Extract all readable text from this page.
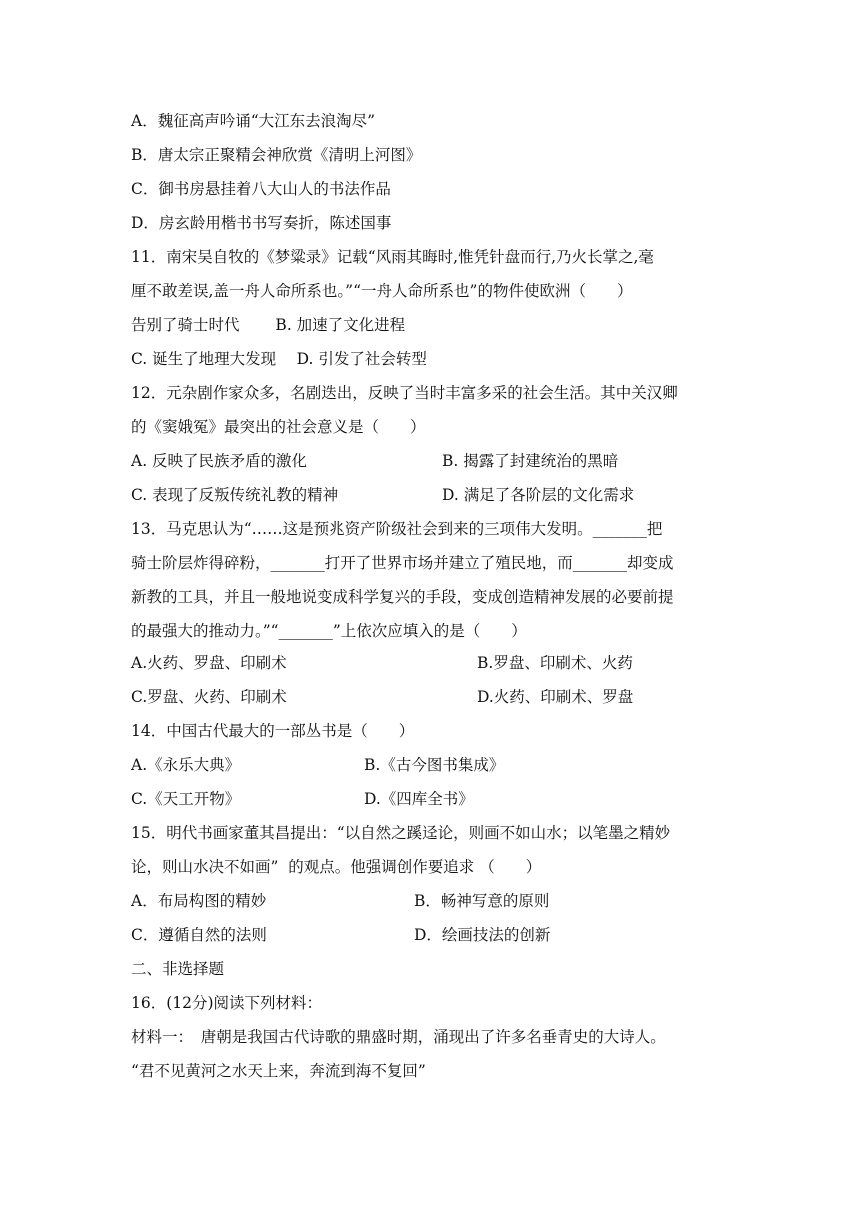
A．魏征高声吟诵“大江东去浪淘尽”
B．唐太宗正聚精会神欣赏《清明上河图》
C．御书房悬挂着八大山人的书法作品
D．房玄龄用楷书书写奏折，陈述国事
11．南宋吴自牧的《梦粱录》记载“风雨其晦时,惟凭针盘而行,乃火长掌之,毫
厘不敢差误,盖一舟人命所系也。”“一舟人命所系也”的物件使欧洲（　　）
告别了骑士时代　　 B. 加速了文化进程
C. 诞生了地理大发现　 D. 引发了社会转型
12．元杂剧作家众多，名剧迭出，反映了当时丰富多采的社会生活。其中关汉卿
的《窦娥冤》最突出的社会意义是（　　）
A. 反映了民族矛盾的激化	B. 揭露了封建统治的黑暗
C. 表现了反叛传统礼教的精神	D. 满足了各阶层的文化需求
13．马克思认为“……这是预兆资产阶级社会到来的三项伟大发明。_______把
骑士阶层炸得碎粉，_______打开了世界市场并建立了殖民地，而_______却变成
新教的工具，并且一般地说变成科学复兴的手段，变成创造精神发展的必要前提
的最强大的推动力。”“_______”上依次应填入的是（　　）
A.火药、罗盘、印刷术	B.罗盘、印刷术、火药
C.罗盘、火药、印刷术	D.火药、印刷术、罗盘
14．中国古代最大的一部丛书是（　　）
A.《永乐大典》	B.《古今图书集成》
C.《天工开物》	D.《四库全书》
15．明代书画家董其昌提出：“以自然之蹊迳论，则画不如山水；以笔墨之精妙
论，则山水决不如画”  的观点。他强调创作要追求 （　　）
A．布局构图的精妙	B．畅神写意的原则
C．遵循自然的法则	D．绘画技法的创新
二、非选择题
16．(12分)阅读下列材料：
材料一：　唐朝是我国古代诗歌的鼎盛时期，涌现出了许多名垂青史的大诗人。
“君不见黄河之水天上来，奔流到海不复回”
